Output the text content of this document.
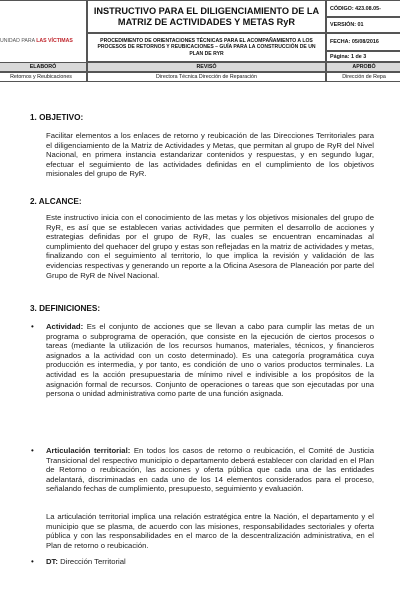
UNIDAD PARA LAS VÍCTIMAS
INSTRUCTIVO PARA EL DILIGENCIAMIENTO DE LA MATRIZ DE ACTIVIDADES Y METAS RyR
PROCEDIMIENTO DE ORIENTACIONES TÉCNICAS PARA EL ACOMPAÑAMIENTO A LOS PROCESOS DE RETORNOS Y REUBICACIONES – GUÍA PARA LA CONSTRUCCIÓN DE UN PLAN DE RYR
CÓDIGO: 423.08.05-
VERSIÓN: 01
FECHA: 05/08/2016
Página: 1 de 3
ELABORÓ	REVISÓ	APROBÓ
Retornos y Reubicaciones	Directora Técnica Dirección de Reparación	Dirección de Repa
1. OBJETIVO:
Facilitar elementos a los enlaces de retorno y reubicación de las Direcciones Territoriales para el diligenciamiento de la Matriz de Actividades y Metas, que permitan al grupo de RyR del Nivel Nacional, en primera instancia estandarizar contenidos y respuestas, y en segundo lugar, efectuar el seguimiento de las actividades definidas en el cumplimiento de los objetivos misionales del grupo de RyR.
2. ALCANCE:
Este instructivo inicia con el conocimiento de las metas y los objetivos misionales del grupo de RyR, es así que se establecen varias actividades que permiten el desarrollo de acciones y estrategias definidas por el grupo de RyR, las cuales se encuentran encaminadas al cumplimiento del quehacer del grupo y estas son reflejadas en la matriz de actividades y metas, finalizando con el seguimiento al territorio, lo que implica la revisión y validación de las evidencias respectivas y generando un reporte a la Oficina Asesora de Planeación por parte del Grupo de RyR de Nivel Nacional.
3. DEFINICIONES:
• Actividad: Es el conjunto de acciones que se llevan a cabo para cumplir las metas de un programa o subprograma de operación, que consiste en la ejecución de ciertos procesos o tareas (mediante la utilización de los recursos humanos, materiales, técnicos, y financieros asignados a la actividad con un costo determinado). Es una categoría programática cuya producción es intermedia, y por tanto, es condición de uno o varios productos terminales. La actividad es la acción presupuestaria de mínimo nivel e indivisible a los propósitos de la asignación formal de recursos. Conjunto de operaciones o tareas que son ejecutadas por una persona o unidad administrativa como parte de una función asignada.
• Articulación territorial: En todos los casos de retorno o reubicación, el Comité de Justicia Transicional del respectivo municipio o departamento deberá establecer con claridad en el Plan de Retorno o reubicación, las acciones y oferta pública que cada una de las entidades adelantará, discriminadas en cada uno de los 14 elementos considerados para el proceso, señalando fechas de cumplimiento, presupuesto, seguimiento y evaluación.
La articulación territorial implica una relación estratégica entre la Nación, el departamento y el municipio que se plasma, de acuerdo con las misiones, responsabilidades sectoriales y oferta pública y con las responsabilidades en el marco de la descentralización administrativa, en el Plan de retorno o reubicación.
• DT: Dirección Territorial
